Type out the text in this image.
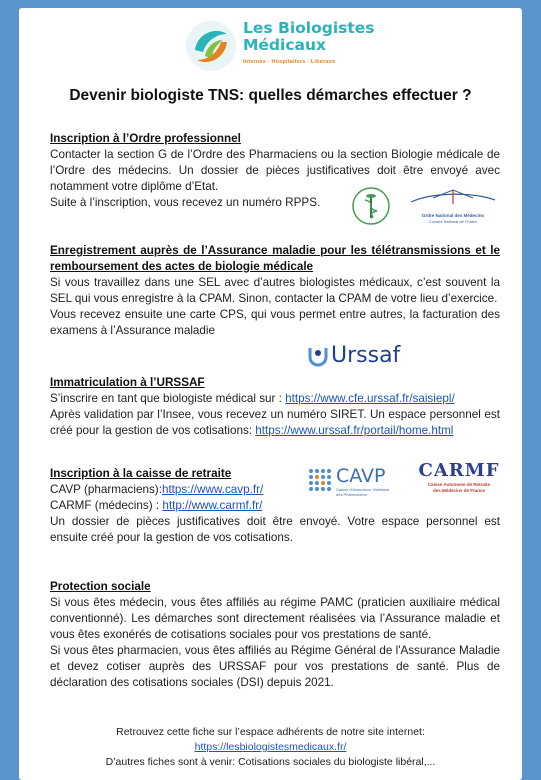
Les Biologistes
Médicaux
Internes · Hospitaliers · Libéraux
Devenir biologiste TNS: quelles démarches effectuer ?
Inscription à l’Ordre professionnel
Contacter la section G de l’Ordre des Pharmaciens ou la section Biologie médicale de l’Ordre des médecins. Un dossier de pièces justificatives doit être envoyé avec notamment votre diplôme d’Etat.
Suite à l’inscription, vous recevez un numéro RPPS.
Ordre National des Médecins
Conseil National de l’Ordre
Enregistrement auprès de l’Assurance maladie pour les télétransmissions et le remboursement des actes de biologie médicale
Si vous travaillez dans une SEL avec d’autres biologistes médicaux, c’est souvent la SEL qui vous enregistre à la CPAM. Sinon, contacter la CPAM de votre lieu d’exercice.
Vous recevez ensuite une carte CPS, qui vous permet entre autres, la facturation des examens à l’Assurance maladie
Urssaf
Immatriculation à l’URSSAF
S’inscrire en tant que biologiste médical sur : https://www.cfe.urssaf.fr/saisiepl/
Après validation par l’Insee, vous recevez un numéro SIRET. Un espace personnel est créé pour la gestion de vos cotisations: https://www.urssaf.fr/portail/home.html
CAVP
Caisse d’Assurance Vieillesse
des Pharmaciens
CARMF
Caisse Autonome de Retraite
des Médecins de France
Inscription à la caisse de retraite
CAVP (pharmaciens):https://www.cavp.fr/
CARMF (médecins) : http://www.carmf.fr/
Un dossier de pièces justificatives doit être envoyé. Votre espace personnel est ensuite créé pour la gestion de vos cotisations.
Protection sociale
Si vous êtes médecin, vous êtes affiliés au régime PAMC (praticien auxiliaire médical conventionné). Les démarches sont directement réalisées via l’Assurance maladie et vous êtes exonérés de cotisations sociales pour vos prestations de santé.
Si vous êtes pharmacien, vous êtes affiliés au Régime Général de l'Assurance Maladie et devez cotiser auprès des URSSAF pour vos prestations de santé. Plus de déclaration des cotisations sociales (DSI) depuis 2021.
Retrouvez cette fiche sur l’espace adhérents de notre site internet:
https://lesbiologistesmedicaux.fr/
D’autres fiches sont à venir: Cotisations sociales du biologiste libéral,...
